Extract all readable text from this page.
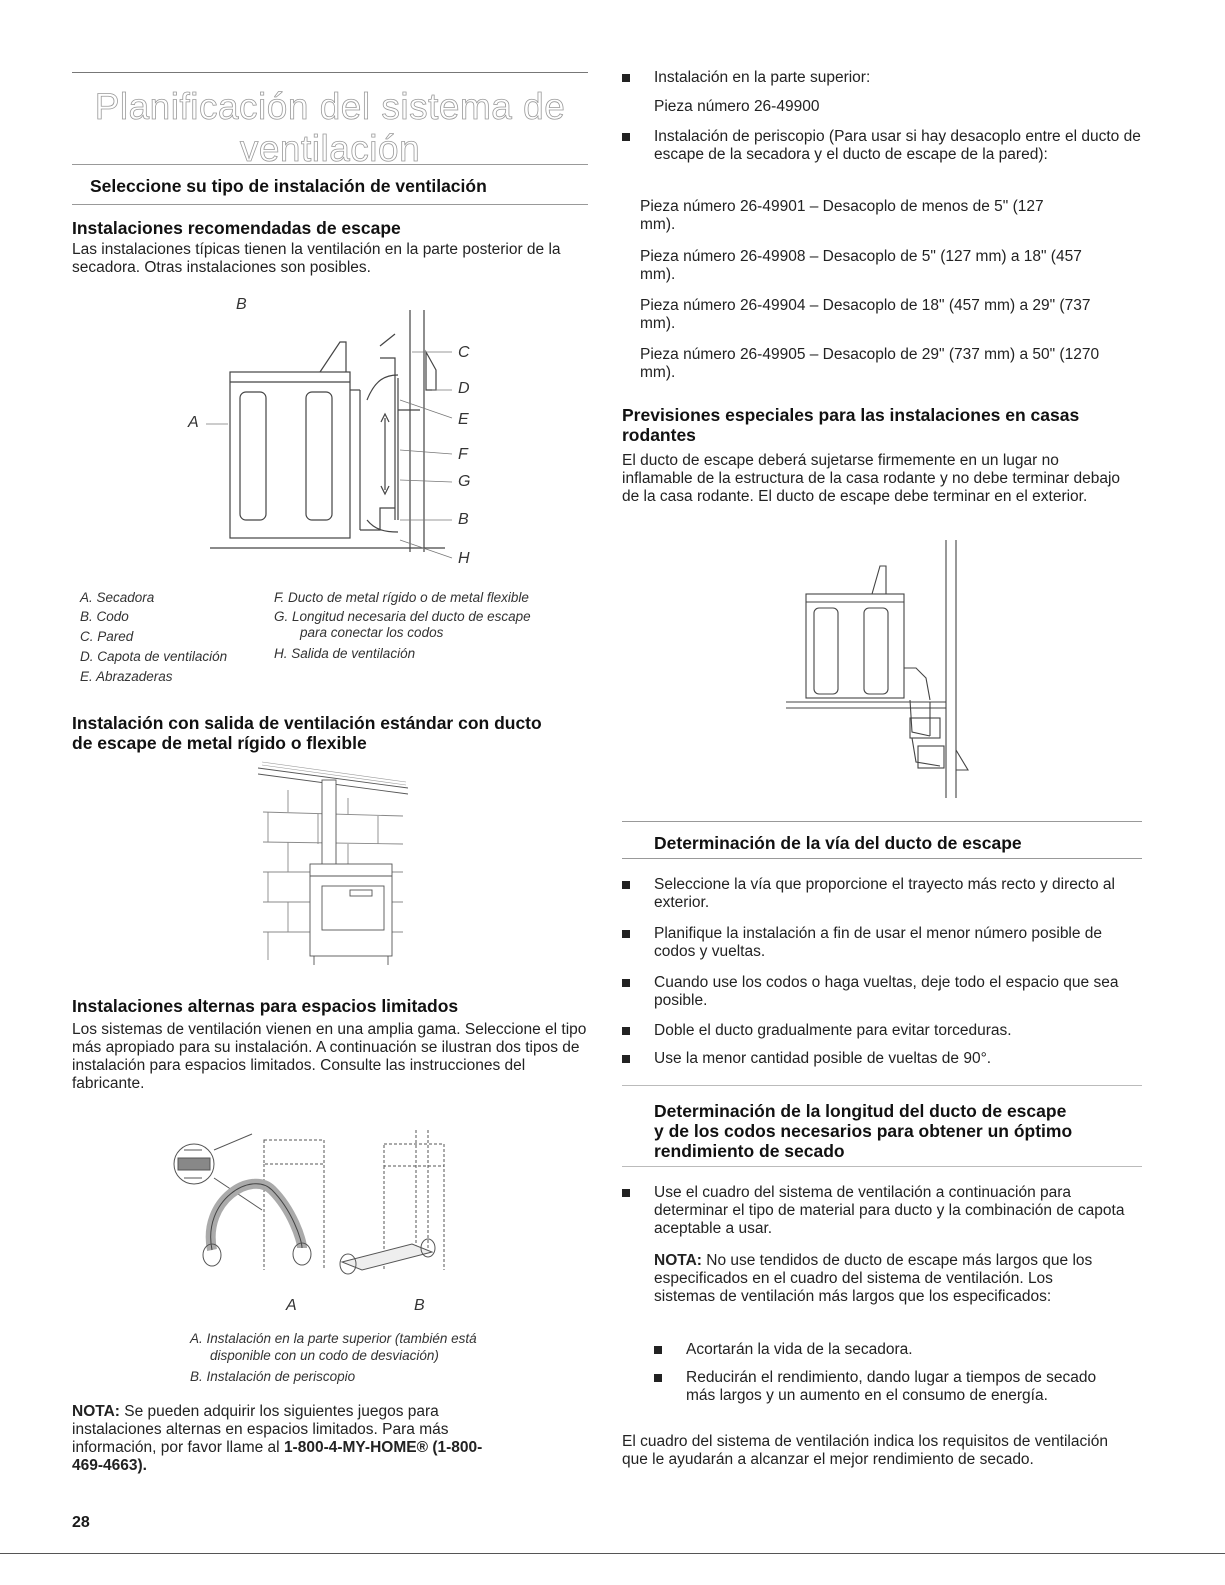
Planificación del sistema de
ventilación
Seleccione su tipo de instalación de ventilación
Instalaciones recomendadas de escape
Las instalaciones típicas tienen la ventilación en la parte posterior de la secadora. Otras instalaciones son posibles.
B
C
D
E
F
G
B
H
A
A. Secadora
B. Codo
C. Pared
D. Capota de ventilación
E. Abrazaderas
F. Ducto de metal rígido o de metal flexible
G. Longitud necesaria del ducto de escape
para conectar los codos
H. Salida de ventilación
Instalación con salida de ventilación estándar con ducto
de escape de metal rígido o flexible
Instalaciones alternas para espacios limitados
Los sistemas de ventilación vienen en una amplia gama. Seleccione el tipo más apropiado para su instalación. A continuación se ilustran dos tipos de instalación para espacios limitados. Consulte las instrucciones del fabricante.
A	B
A. Instalación en la parte superior (también está
disponible con un codo de desviación)
B. Instalación de periscopio
NOTA: Se pueden adquirir los siguientes juegos para instalaciones alternas en espacios limitados. Para más información, por favor llame al 1-800-4-MY-HOME® (1-800-469-4663).
28
Instalación en la parte superior:
Pieza número 26-49900
Instalación de periscopio (Para usar si hay desacoplo entre el ducto de escape de la secadora y el ducto de escape de la pared):
Pieza número 26-49901 – Desacoplo de menos de 5" (127 mm).
Pieza número 26-49908 – Desacoplo de 5" (127 mm) a 18" (457 mm).
Pieza número 26-49904 – Desacoplo de 18" (457 mm) a 29" (737 mm).
Pieza número 26-49905 – Desacoplo de 29" (737 mm) a 50" (1270 mm).
Previsiones especiales para las instalaciones en casas
rodantes
El ducto de escape deberá sujetarse firmemente en un lugar no inflamable de la estructura de la casa rodante y no debe terminar debajo de la casa rodante. El ducto de escape debe terminar en el exterior.
Determinación de la vía del ducto de escape
Seleccione la vía que proporcione el trayecto más recto y directo al exterior.
Planifique la instalación a fin de usar el menor número posible de codos y vueltas.
Cuando use los codos o haga vueltas, deje todo el espacio que sea posible.
Doble el ducto gradualmente para evitar torceduras.
Use la menor cantidad posible de vueltas de 90°.
Determinación de la longitud del ducto de escape
y de los codos necesarios para obtener un óptimo
rendimiento de secado
Use el cuadro del sistema de ventilación a continuación para determinar el tipo de material para ducto y la combinación de capota aceptable a usar.
NOTA: No use tendidos de ducto de escape más largos que los especificados en el cuadro del sistema de ventilación. Los sistemas de ventilación más largos que los especificados:
Acortarán la vida de la secadora.
Reducirán el rendimiento, dando lugar a tiempos de secado más largos y un aumento en el consumo de energía.
El cuadro del sistema de ventilación indica los requisitos de ventilación que le ayudarán a alcanzar el mejor rendimiento de secado.
